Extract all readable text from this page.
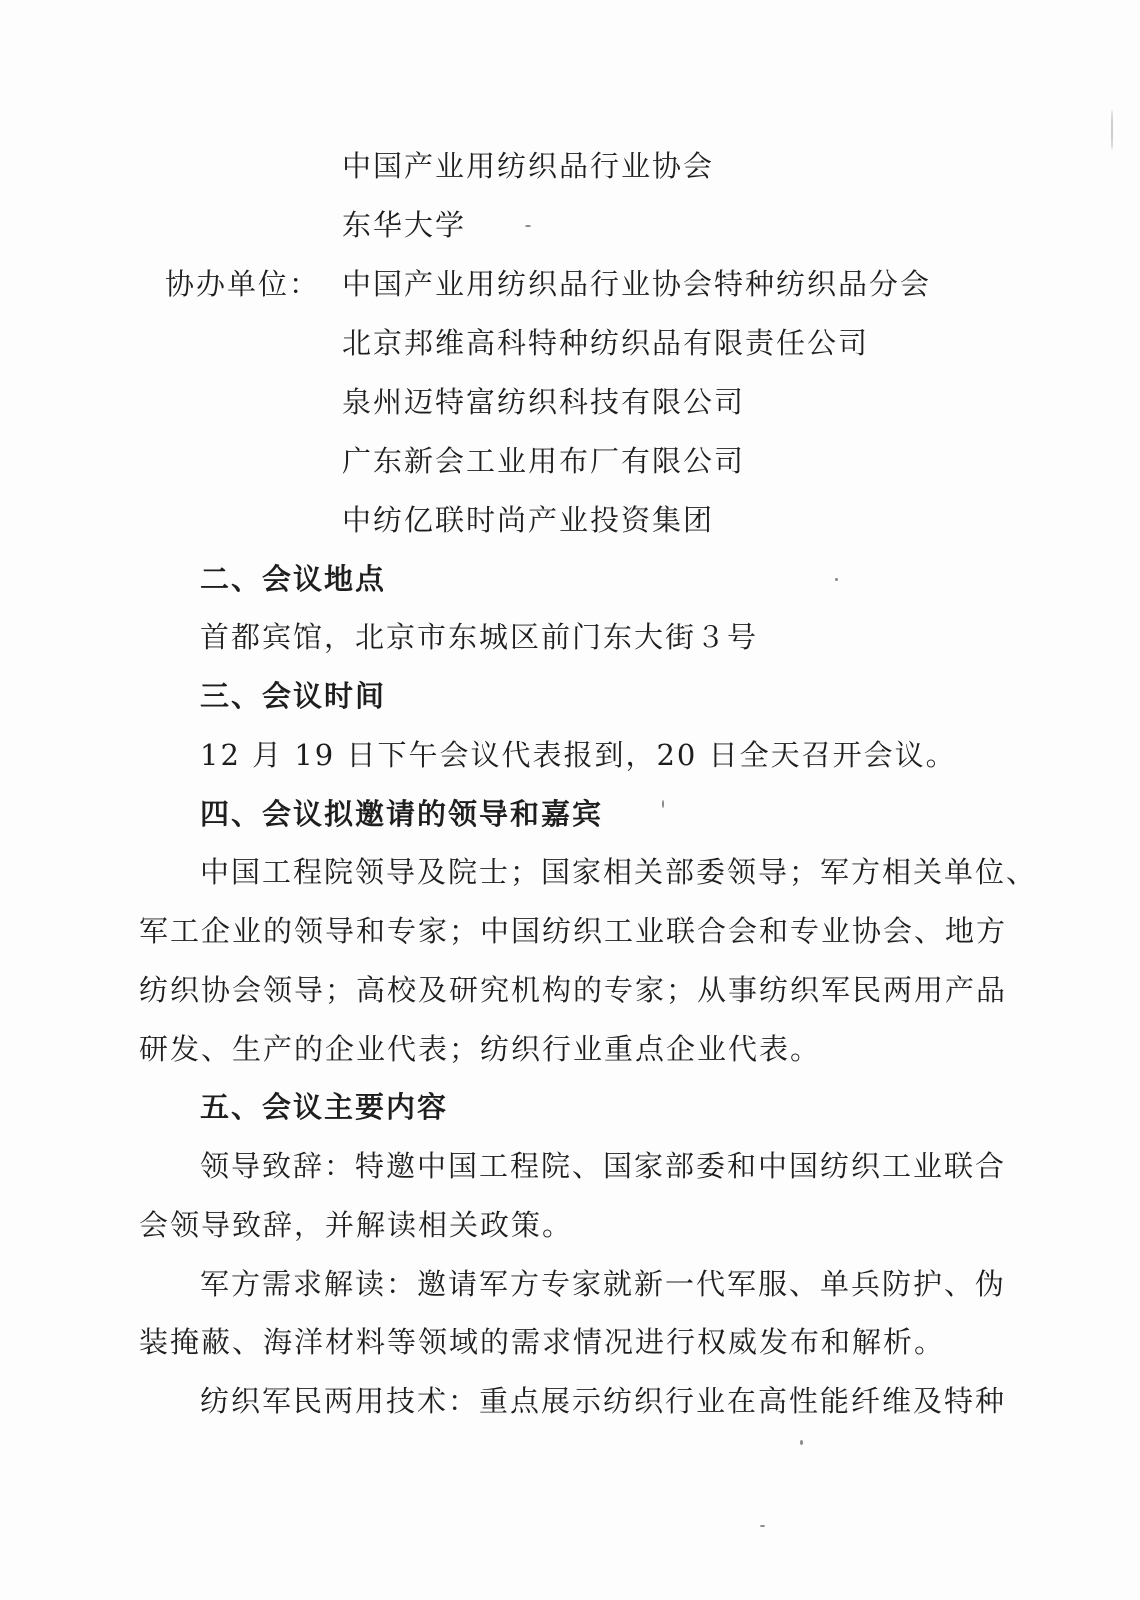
中国产业用纺织品行业协会
东华大学
协办单位： 中国产业用纺织品行业协会特种纺织品分会
北京邦维高科特种纺织品有限责任公司
泉州迈特富纺织科技有限公司
广东新会工业用布厂有限公司
中纺亿联时尚产业投资集团
二、会议地点
首都宾馆，北京市东城区前门东大街３号
三、会议时间
12 月 19 日下午会议代表报到，20 日全天召开会议。
四、会议拟邀请的领导和嘉宾
中国工程院领导及院士；国家相关部委领导；军方相关单位、
军工企业的领导和专家；中国纺织工业联合会和专业协会、地方
纺织协会领导；高校及研究机构的专家；从事纺织军民两用产品
研发、生产的企业代表；纺织行业重点企业代表。
五、会议主要内容
领导致辞：特邀中国工程院、国家部委和中国纺织工业联合
会领导致辞，并解读相关政策。
军方需求解读：邀请军方专家就新一代军服、单兵防护、伪
装掩蔽、海洋材料等领域的需求情况进行权威发布和解析。
纺织军民两用技术：重点展示纺织行业在高性能纤维及特种
